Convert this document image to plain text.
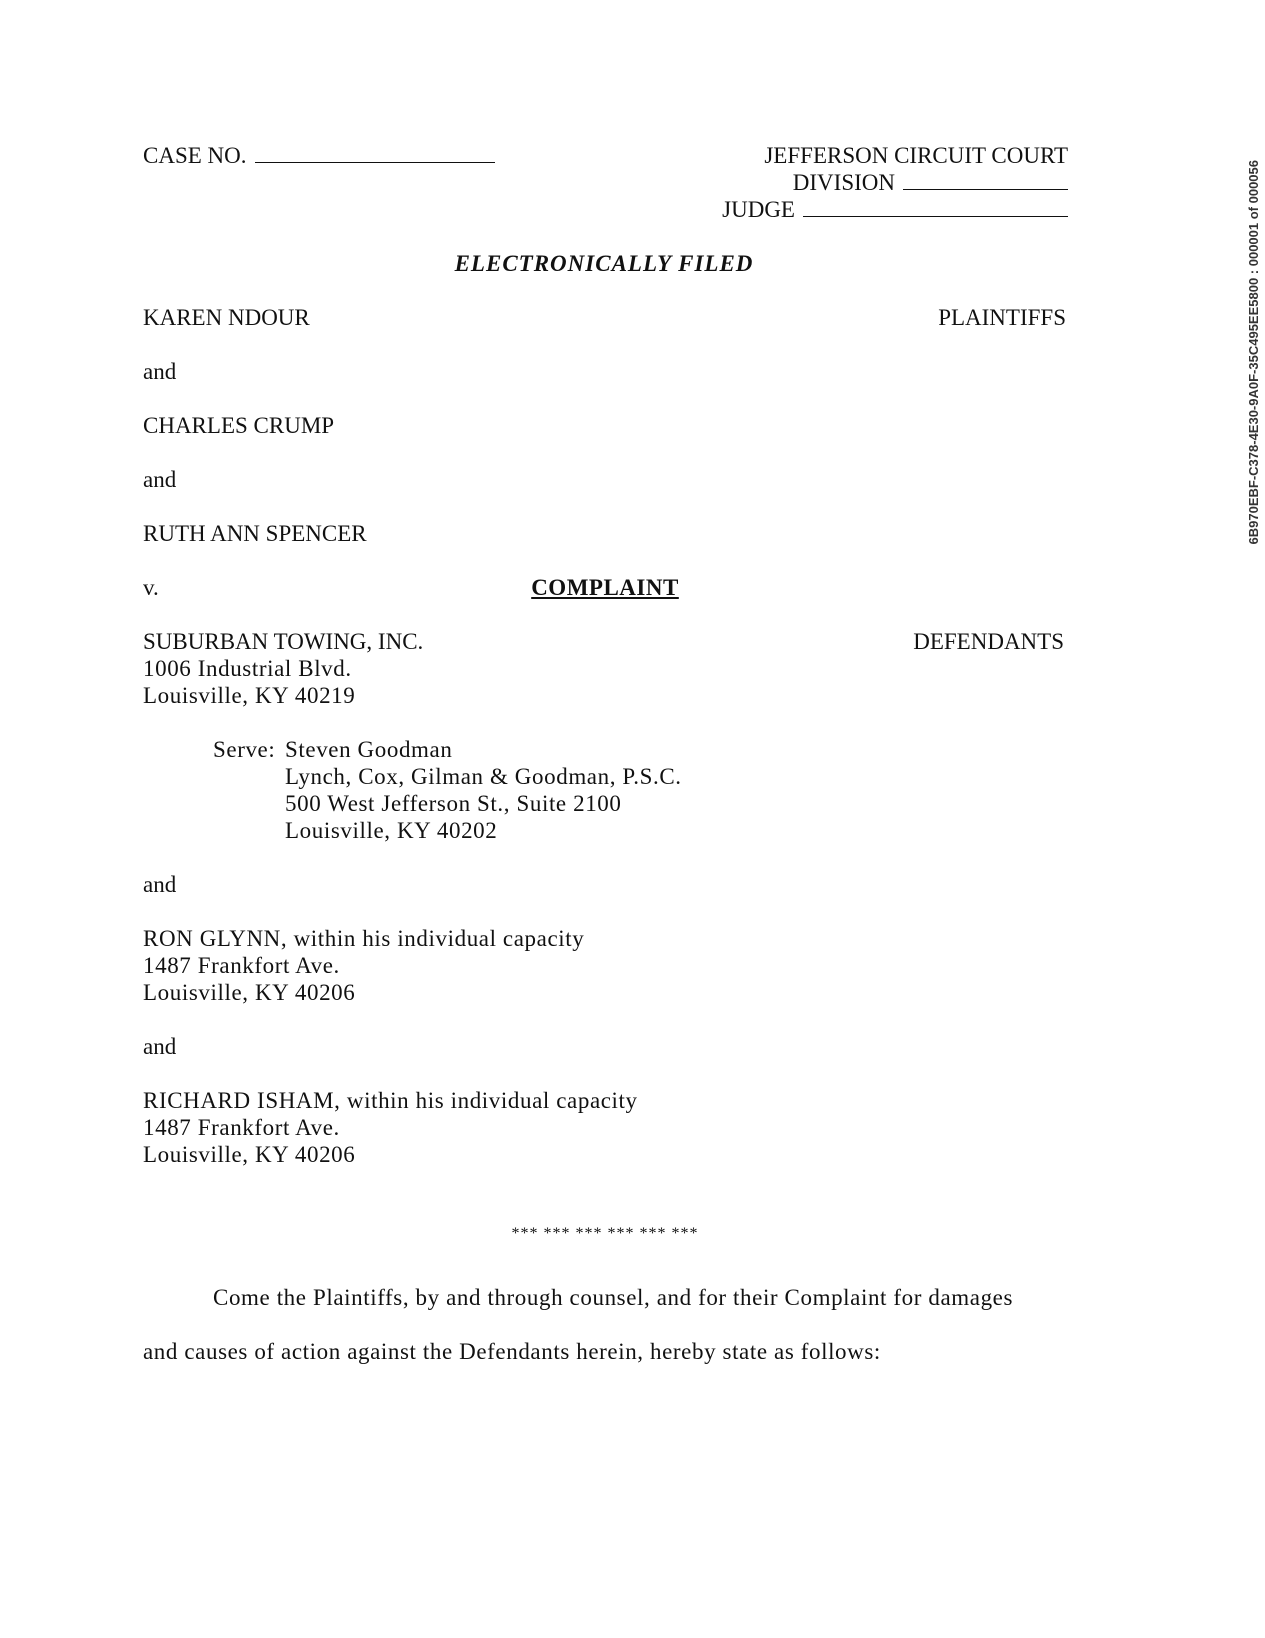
CASE NO.	JEFFERSON CIRCUIT COURT
DIVISION
JUDGE
ELECTRONICALLY FILED
KAREN NDOUR	PLAINTIFFS
and
CHARLES CRUMP
and
RUTH ANN SPENCER
v.	COMPLAINT
SUBURBAN TOWING, INC.	DEFENDANTS
1006 Industrial Blvd.
Louisville, KY 40219
Serve: Steven Goodman
Lynch, Cox, Gilman & Goodman, P.S.C.
500 West Jefferson St., Suite 2100
Louisville, KY 40202
and
RON GLYNN, within his individual capacity
1487 Frankfort Ave.
Louisville, KY 40206
and
RICHARD ISHAM, within his individual capacity
1487 Frankfort Ave.
Louisville, KY 40206
*** *** *** *** *** ***
Come the Plaintiffs, by and through counsel, and for their Complaint for damages
and causes of action against the Defendants herein, hereby state as follows:
6B970EBF-C378-4E30-9A0F-35C495EE5800 : 000001 of 000056
